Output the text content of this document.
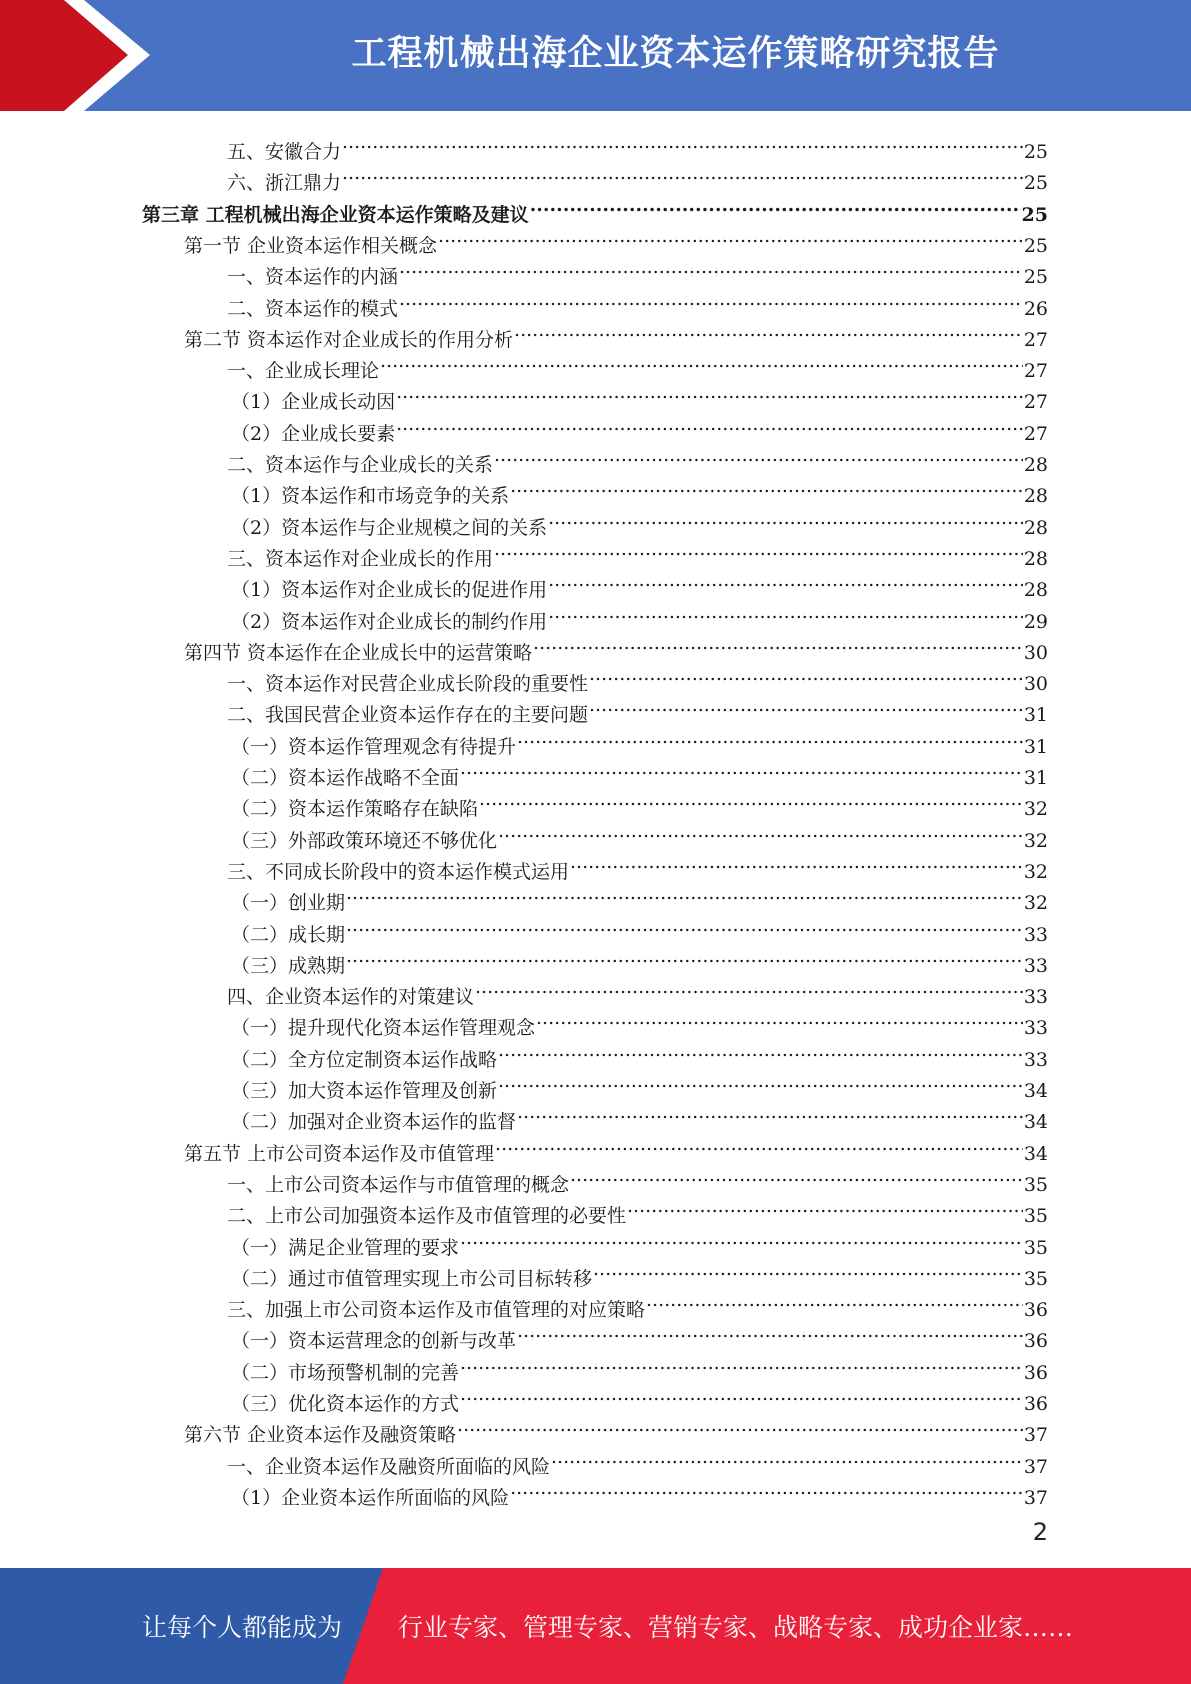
工程机械出海企业资本运作策略研究报告
五、安徽合力 .....	25
六、浙江鼎力 .....	25
第三章 工程机械出海企业资本运作策略及建议 .....	25
第一节 企业资本运作相关概念 .....	25
一、资本运作的内涵 .....	25
二、资本运作的模式 .....	26
第二节 资本运作对企业成长的作用分析 .....	27
一、企业成长理论 .....	27
（1）企业成长动因 .....	27
（2）企业成长要素 .....	27
二、资本运作与企业成长的关系 .....	28
（1）资本运作和市场竞争的关系 .....	28
（2）资本运作与企业规模之间的关系 .....	28
三、资本运作对企业成长的作用 .....	28
（1）资本运作对企业成长的促进作用 .....	28
（2）资本运作对企业成长的制约作用 .....	29
第四节 资本运作在企业成长中的运营策略 .....	30
一、资本运作对民营企业成长阶段的重要性 .....	30
二、我国民营企业资本运作存在的主要问题 .....	31
（一）资本运作管理观念有待提升 .....	31
（二）资本运作战略不全面 .....	31
（二）资本运作策略存在缺陷 .....	32
（三）外部政策环境还不够优化 .....	32
三、不同成长阶段中的资本运作模式运用 .....	32
（一）创业期 .....	32
（二）成长期 .....	33
（三）成熟期 .....	33
四、企业资本运作的对策建议 .....	33
（一）提升现代化资本运作管理观念 .....	33
（二）全方位定制资本运作战略 .....	33
（三）加大资本运作管理及创新 .....	34
（二）加强对企业资本运作的监督 .....	34
第五节 上市公司资本运作及市值管理 .....	34
一、上市公司资本运作与市值管理的概念 .....	35
二、上市公司加强资本运作及市值管理的必要性 .....	35
（一）满足企业管理的要求 .....	35
（二）通过市值管理实现上市公司目标转移 .....	35
三、加强上市公司资本运作及市值管理的对应策略 .....	36
（一）资本运营理念的创新与改革 .....	36
（二）市场预警机制的完善 .....	36
（三）优化资本运作的方式 .....	36
第六节 企业资本运作及融资策略 .....	37
一、企业资本运作及融资所面临的风险 .....	37
（1）企业资本运作所面临的风险 .....	37
2
让每个人都能成为 行业专家、管理专家、营销专家、战略专家、成功企业家……
